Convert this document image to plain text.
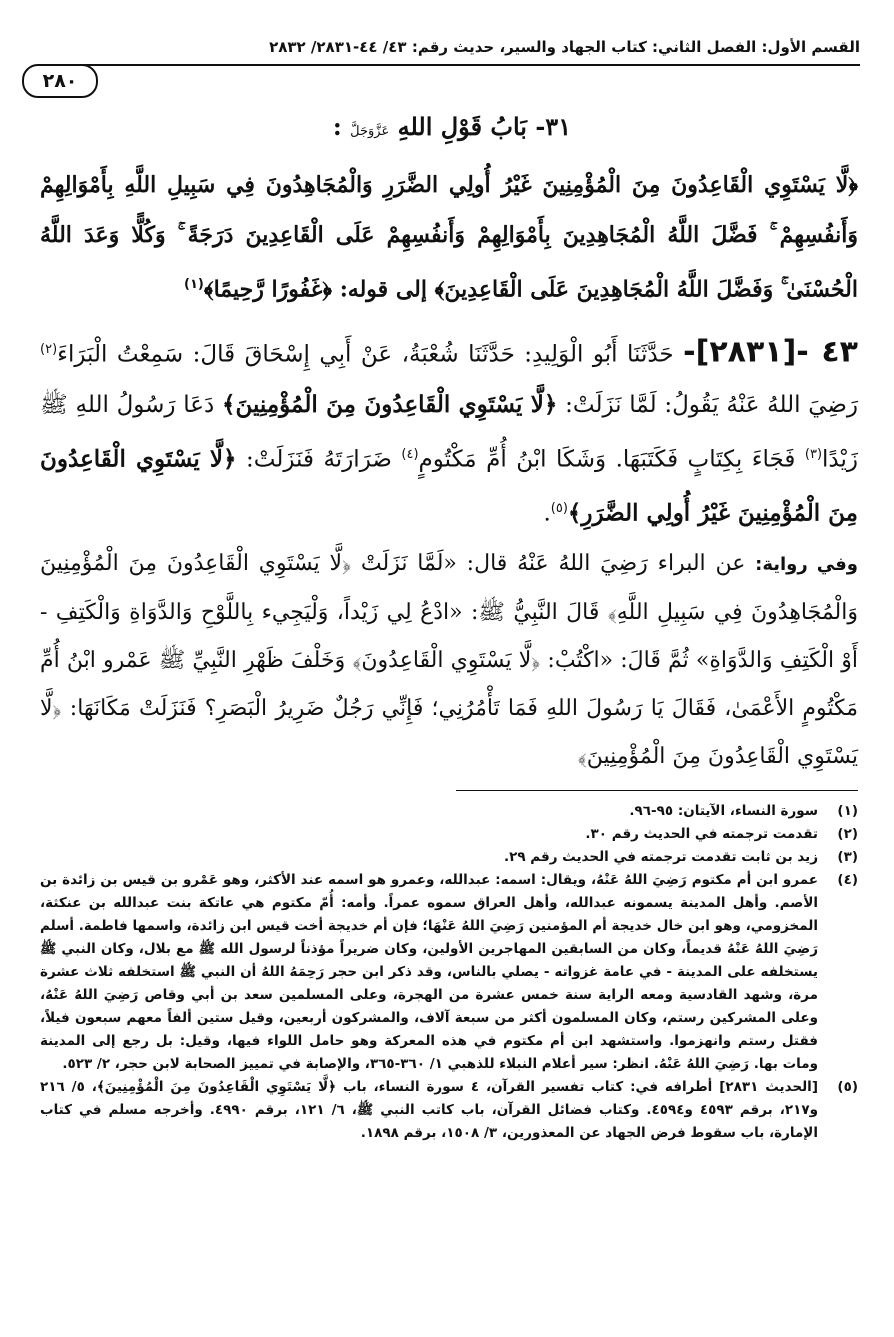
القسم الأول: الفصل الثاني: كتاب الجهاد والسير، حديث رقم: ٤٣/ ٤٤-٢٨٣١/ ٢٨٣٢
٢٨٠
٣١- بَابُ قَوْلِ اللهِ عَزَّوَجَلَّ :
﴿لَّا يَسْتَوِي الْقَاعِدُونَ مِنَ الْمُؤْمِنِينَ غَيْرُ أُولِي الضَّرَرِ وَالْمُجَاهِدُونَ فِي سَبِيلِ اللَّهِ بِأَمْوَالِهِمْ وَأَنفُسِهِمْ ۚ فَضَّلَ اللَّهُ الْمُجَاهِدِينَ بِأَمْوَالِهِمْ وَأَنفُسِهِمْ عَلَى الْقَاعِدِينَ دَرَجَةً ۚ وَكُلًّا وَعَدَ اللَّهُ الْحُسْنَىٰ ۚ وَفَضَّلَ اللَّهُ الْمُجَاهِدِينَ عَلَى الْقَاعِدِينَ﴾ إلى قوله: ﴿غَفُورًا رَّحِيمًا﴾$^{(١)}$
٤٣ -[٢٨٣١]- حَدَّثَنَا أَبُو الْوَلِيدِ: حَدَّثَنَا شُعْبَةُ، عَنْ أَبِي إِسْحَاقَ قَالَ: سَمِعْتُ الْبَرَاءَ$^{(٢)}$ رَضِيَ اللهُ عَنْهُ يَقُولُ: لَمَّا نَزَلَتْ: ﴿لَّا يَسْتَوِي الْقَاعِدُونَ مِنَ الْمُؤْمِنِينَ﴾ دَعَا رَسُولُ اللهِ ﷺ زَيْدًا$^{(٣)}$ فَجَاءَ بِكِتَابٍ فَكَتَبَهَا. وَشَكَا ابْنُ أُمِّ مَكْتُومٍ$^{(٤)}$ ضَرَارَتَهُ فَنَزَلَتْ: ﴿لَّا يَسْتَوِي الْقَاعِدُونَ مِنَ الْمُؤْمِنِينَ غَيْرُ أُولِي الضَّرَرِ﴾$^{(٥)}$.
وفي رواية: عن البراء رَضِيَ اللهُ عَنْهُ قال: «لَمَّا نَزَلَتْ ﴿لَّا يَسْتَوِي الْقَاعِدُونَ مِنَ الْمُؤْمِنِينَ وَالْمُجَاهِدُونَ فِي سَبِيلِ اللَّهِ﴾ قَالَ النَّبِيُّ ﷺ: «ادْعُ لِي زَيْداً، وَلْيَجِيء بِاللَّوْحِ وَالدَّوَاةِ وَالْكَتِفِ - أَوْ الْكَتِفِ وَالدَّوَاةِ» ثُمَّ قَالَ: «اكْتُبْ: ﴿لَّا يَسْتَوِي الْقَاعِدُونَ﴾ وَخَلْفَ ظَهْرِ النَّبِيِّ ﷺ عَمْرو ابْنُ أُمِّ مَكْتُومٍ الأَعْمَىٰ، فَقَالَ يَا رَسُولَ اللهِ فَمَا تَأْمُرُنِي؛ فَإِنِّي رَجُلٌ ضَرِيرُ الْبَصَرِ؟ فَنَزَلَتْ مَكَانَهَا: ﴿لَّا يَسْتَوِي الْقَاعِدُونَ مِنَ الْمُؤْمِنِينَ﴾
(١)
سورة النساء، الآيتان: ٩٥-٩٦.
(٢)
تقدمت ترجمته في الحديث رقم ٣٠.
(٣)
زيد بن ثابت تقدمت ترجمته في الحديث رقم ٢٩.
(٤)
عمرو ابن أم مكتوم رَضِيَ اللهُ عَنْهُ، ويقال: اسمه: عبدالله، وعمرو هو اسمه عند الأكثر، وهو عَمْرو بن قيس بن زائدة بن الأصم. وأهل المدينة يسمونه عبدالله، وأهل العراق سموه عمراً. وأمه: أُمّ مكتوم هي عاتكة بنت عبدالله بن عنكثة، المخزومي، وهو ابن خال خديجة أم المؤمنين رَضِيَ اللهُ عَنْهَا؛ فإن أم خديجة أخت قيس ابن زائدة، واسمها فاطمة. أسلم رَضِيَ اللهُ عَنْهُ قديماً، وكان من السابقين المهاجرين الأولين، وكان ضريراً مؤذناً لرسول الله ﷺ مع بلال، وكان النبي ﷺ يستخلفه على المدينة - في عامة غزواته - يصلي بالناس، وقد ذكر ابن حجر رَحِمَهُ اللهُ أن النبي ﷺ استخلفه ثلاث عشرة مرة، وشهد القادسية ومعه الراية سنة خمس عشرة من الهجرة، وعلى المسلمين سعد بن أبي وقاص رَضِيَ اللهُ عَنْهُ، وعلى المشركين رستم، وكان المسلمون أكثر من سبعة آلاف، والمشركون أربعين، وقيل ستين ألفاً معهم سبعون فيلاً، فقتل رستم وانهزموا. واستشهد ابن أم مكتوم في هذه المعركة وهو حامل اللواء فيها، وقيل: بل رجع إلى المدينة ومات بها. رَضِيَ اللهُ عَنْهُ. انظر: سير أعلام النبلاء للذهبي ١/ ٣٦٠-٣٦٥، والإصابة في تمييز الصحابة لابن حجر، ٢/ ٥٢٣.
(٥)
[الحديث ٢٨٣١] أطرافه في: كتاب تفسير القرآن، ٤ سورة النساء، باب ﴿لَّا يَسْتَوِي الْقَاعِدُونَ مِنَ الْمُؤْمِنِينَ﴾، ٥/ ٢١٦ و٢١٧، برقم ٤٥٩٣ و٤٥٩٤. وكتاب فضائل القرآن، باب كاتب النبي ﷺ، ٦/ ١٢١، برقم ٤٩٩٠. وأخرجه مسلم في كتاب الإمارة، باب سقوط فرض الجهاد عن المعذورين، ٣/ ١٥٠٨، برقم ١٨٩٨.
